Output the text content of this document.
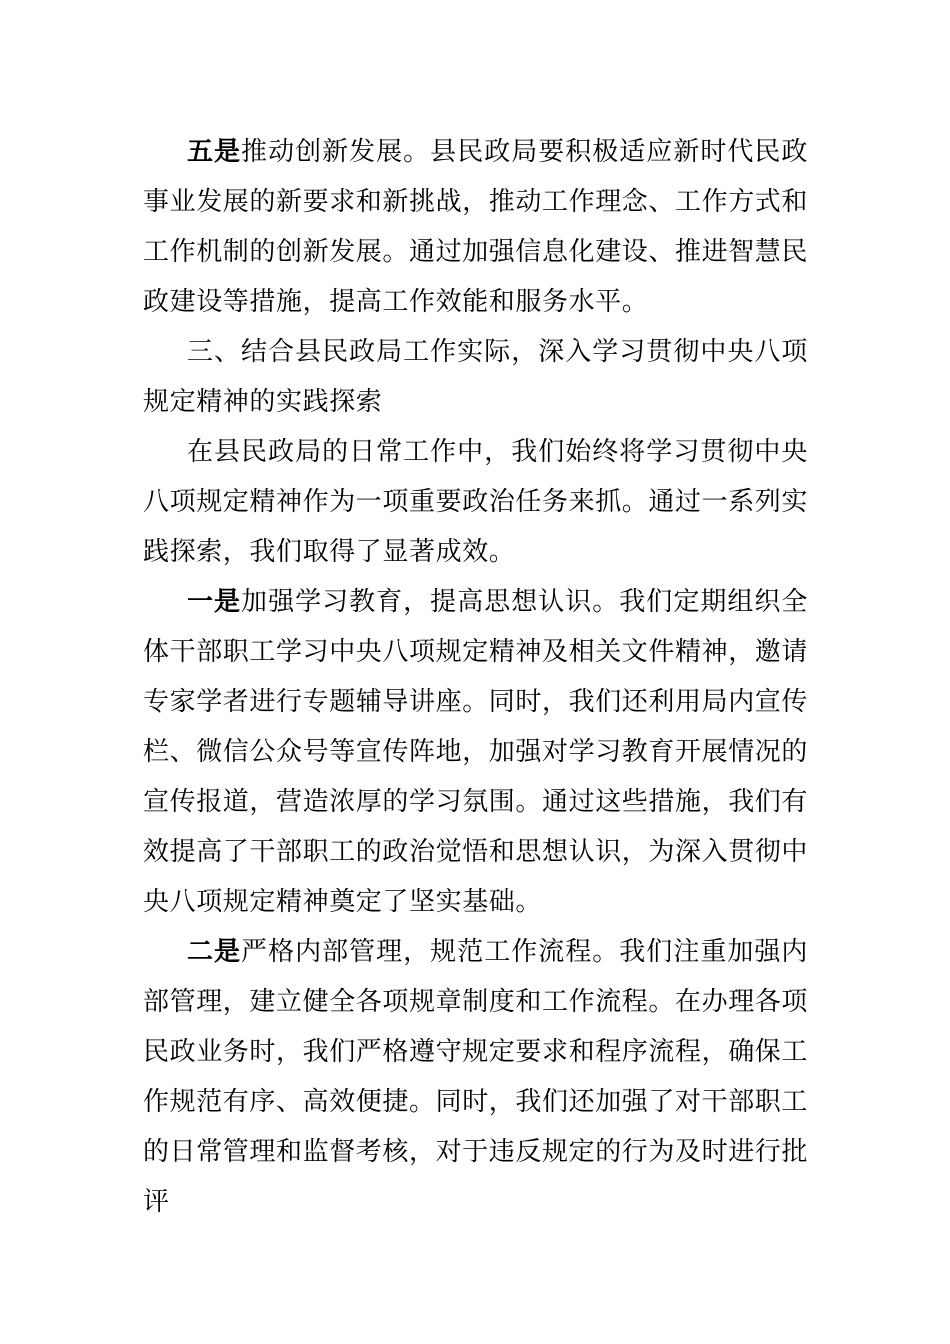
五是推动创新发展。县民政局要积极适应新时代民政事业发展的新要求和新挑战，推动工作理念、工作方式和工作机制的创新发展。通过加强信息化建设、推进智慧民政建设等措施，提高工作效能和服务水平。

三、结合县民政局工作实际，深入学习贯彻中央八项规定精神的实践探索

在县民政局的日常工作中，我们始终将学习贯彻中央八项规定精神作为一项重要政治任务来抓。通过一系列实践探索，我们取得了显著成效。

一是加强学习教育，提高思想认识。我们定期组织全体干部职工学习中央八项规定精神及相关文件精神，邀请专家学者进行专题辅导讲座。同时，我们还利用局内宣传栏、微信公众号等宣传阵地，加强对学习教育开展情况的宣传报道，营造浓厚的学习氛围。通过这些措施，我们有效提高了干部职工的政治觉悟和思想认识，为深入贯彻中央八项规定精神奠定了坚实基础。

二是严格内部管理，规范工作流程。我们注重加强内部管理，建立健全各项规章制度和工作流程。在办理各项民政业务时，我们严格遵守规定要求和程序流程，确保工作规范有序、高效便捷。同时，我们还加强了对干部职工的日常管理和监督考核，对于违反规定的行为及时进行批评
